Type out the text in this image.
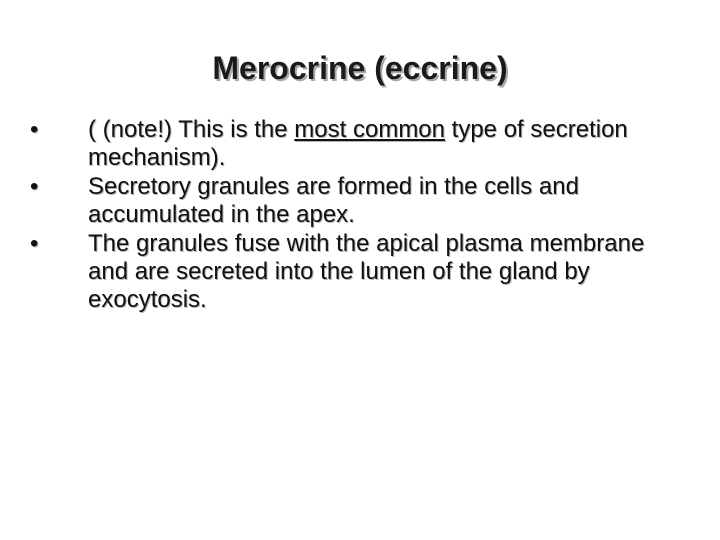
Merocrine (eccrine)
• ( (note!) This is the most common type of secretion mechanism).
• Secretory granules are formed in the cells and accumulated in the apex.
• The granules fuse with the apical plasma membrane and are secreted into the lumen of the gland by exocytosis.
